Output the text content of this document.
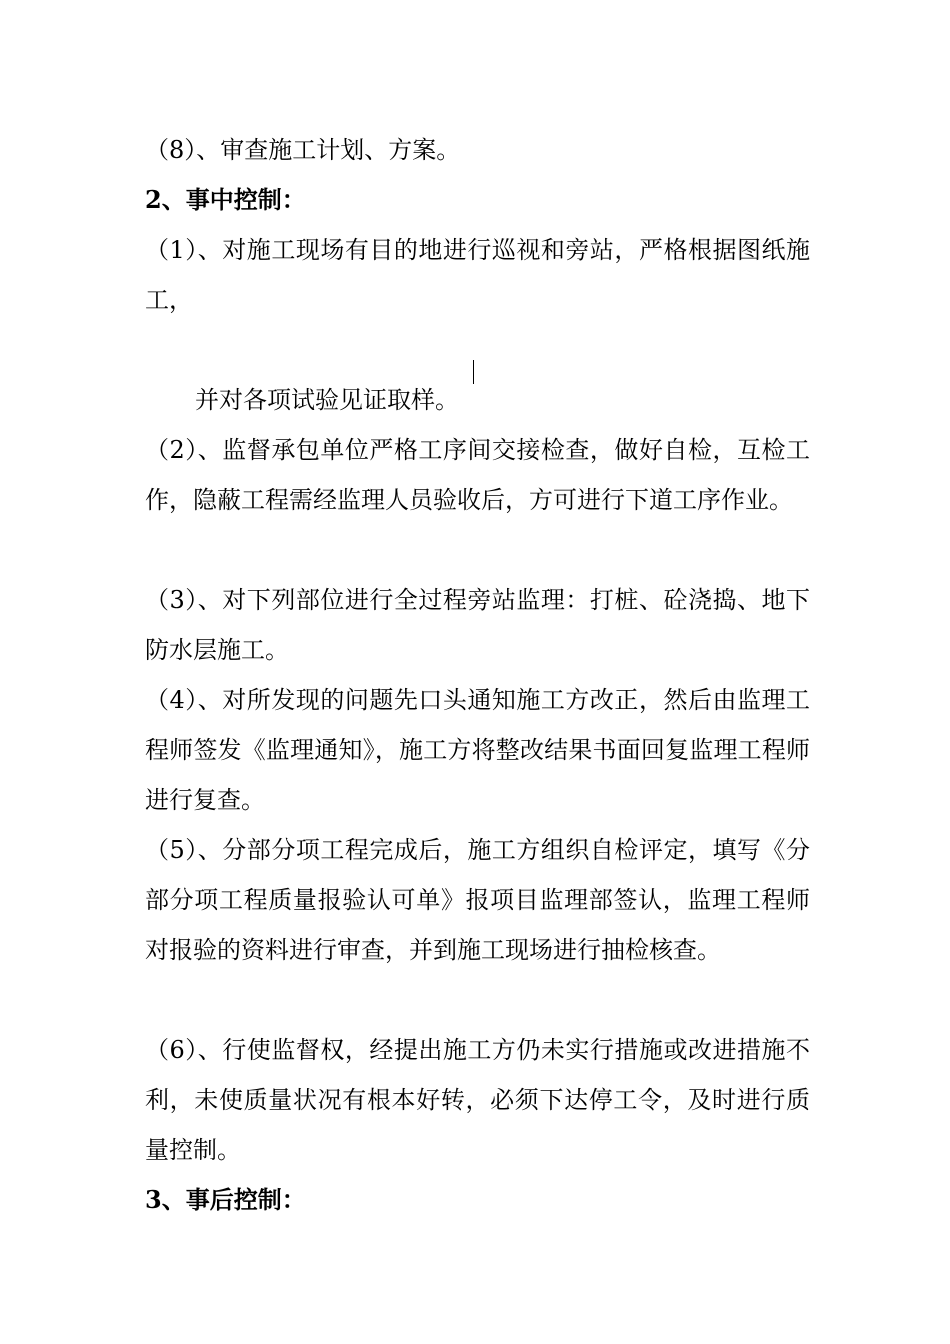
（8）、审查施工计划、方案。

2、事中控制：

（1）、对施工现场有目的地进行巡视和旁站，严格根据图纸施工，

并对各项试验见证取样。

（2）、监督承包单位严格工序间交接检查，做好自检，互检工作，隐蔽工程需经监理人员验收后，方可进行下道工序作业。

（3）、对下列部位进行全过程旁站监理：打桩、砼浇捣、地下防水层施工。

（4）、对所发现的问题先口头通知施工方改正，然后由监理工程师签发《监理通知》，施工方将整改结果书面回复监理工程师进行复查。

（5）、分部分项工程完成后，施工方组织自检评定，填写《分部分项工程质量报验认可单》报项目监理部签认，监理工程师对报验的资料进行审查，并到施工现场进行抽检核查。

（6）、行使监督权，经提出施工方仍未实行措施或改进措施不利，未使质量状况有根本好转，必须下达停工令，及时进行质量控制。

3、事后控制：
